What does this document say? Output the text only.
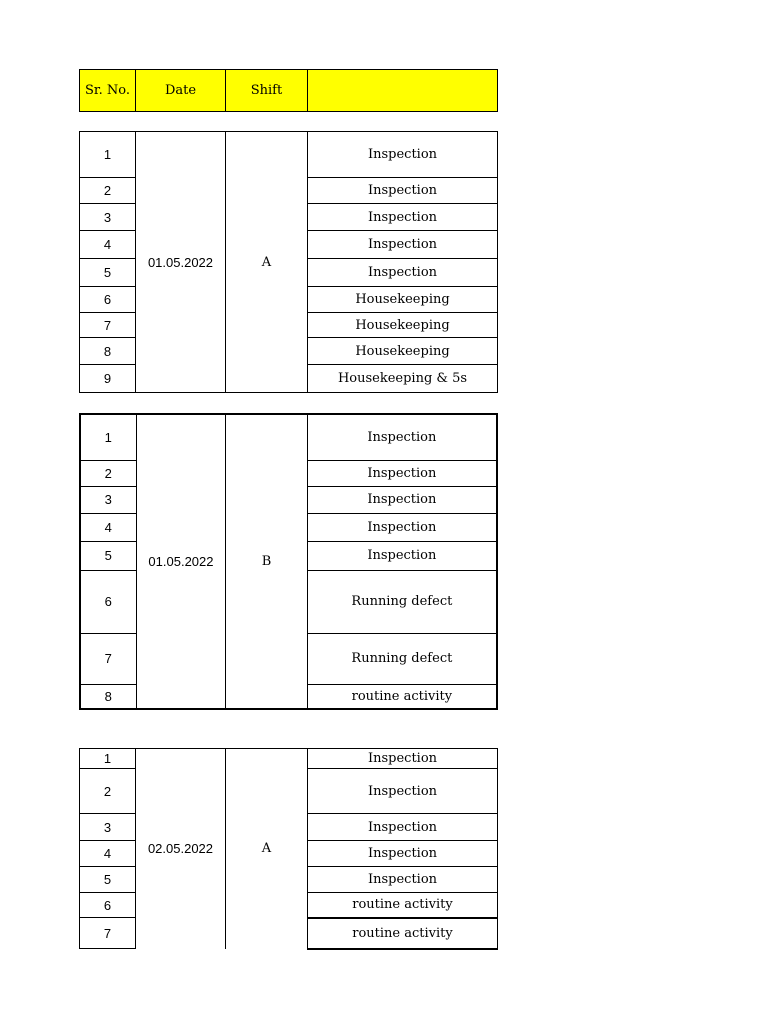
Sr. No.	Date	Shift	
1	01.05.2022	A	Inspection
2			Inspection
3			Inspection
4			Inspection
5			Inspection
6			Housekeeping
7			Housekeeping
8			Housekeeping
9			Housekeeping & 5s
1	01.05.2022	B	Inspection
2			Inspection
3			Inspection
4			Inspection
5			Inspection
6			Running defect
7			Running defect
8			routine activity
1	02.05.2022	A	Inspection
2			Inspection
3			Inspection
4			Inspection
5			Inspection
6			routine activity
7			routine activity
